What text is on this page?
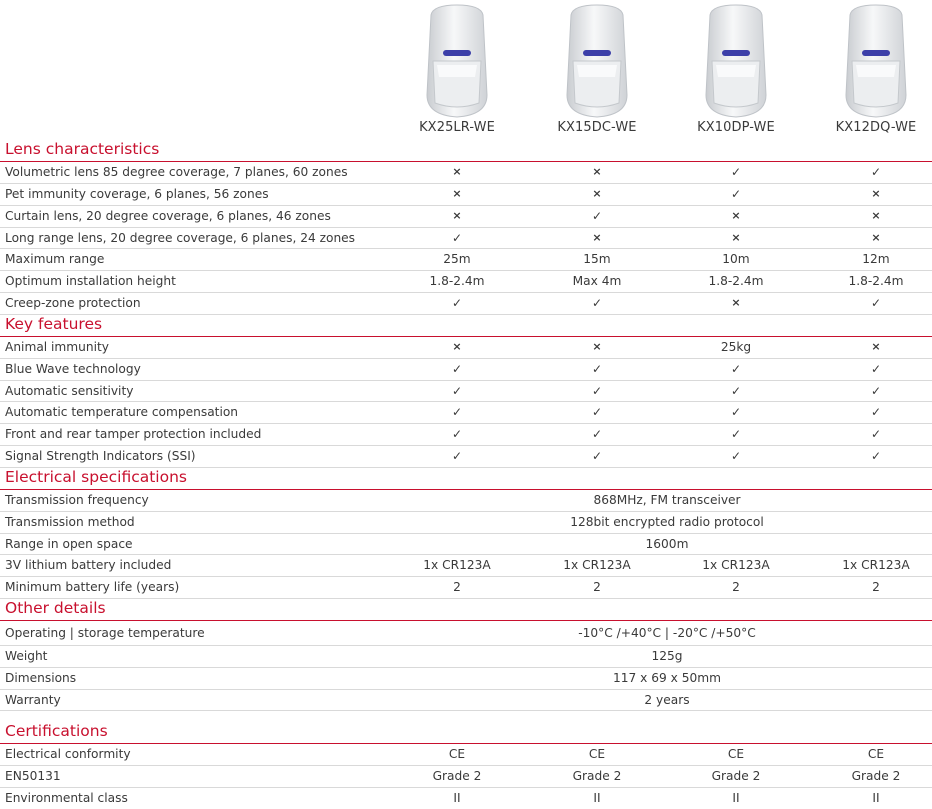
KX25LR-WE	KX15DC-WE	KX10DP-WE	KX12DQ-WE
Lens characteristics
Volumetric lens 85 degree coverage, 7 planes, 60 zones	×	×	✓	✓
Pet immunity coverage, 6 planes, 56 zones	×	×	✓	×
Curtain lens, 20 degree coverage, 6 planes, 46 zones	×	✓	×	×
Long range lens, 20 degree coverage, 6 planes, 24 zones	✓	×	×	×
Maximum range	25m	15m	10m	12m
Optimum installation height	1.8-2.4m	Max 4m	1.8-2.4m	1.8-2.4m
Creep-zone protection	✓	✓	×	✓
Key features
Animal immunity	×	×	25kg	×
Blue Wave technology	✓	✓	✓	✓
Automatic sensitivity	✓	✓	✓	✓
Automatic temperature compensation	✓	✓	✓	✓
Front and rear tamper protection included	✓	✓	✓	✓
Signal Strength Indicators (SSI)	✓	✓	✓	✓
Electrical specifications
Transmission frequency	868MHz, FM transceiver
Transmission method	128bit encrypted radio protocol
Range in open space	1600m
3V lithium battery included	1x CR123A	1x CR123A	1x CR123A	1x CR123A
Minimum battery life (years)	2	2	2	2
Other details
Operating | storage temperature	-10°C /+40°C | -20°C /+50°C
Weight	125g
Dimensions	117 x 69 x 50mm
Warranty	2 years
Certifications
Electrical conformity	CE	CE	CE	CE
EN50131	Grade 2	Grade 2	Grade 2	Grade 2
Environmental class	II	II	II	II
